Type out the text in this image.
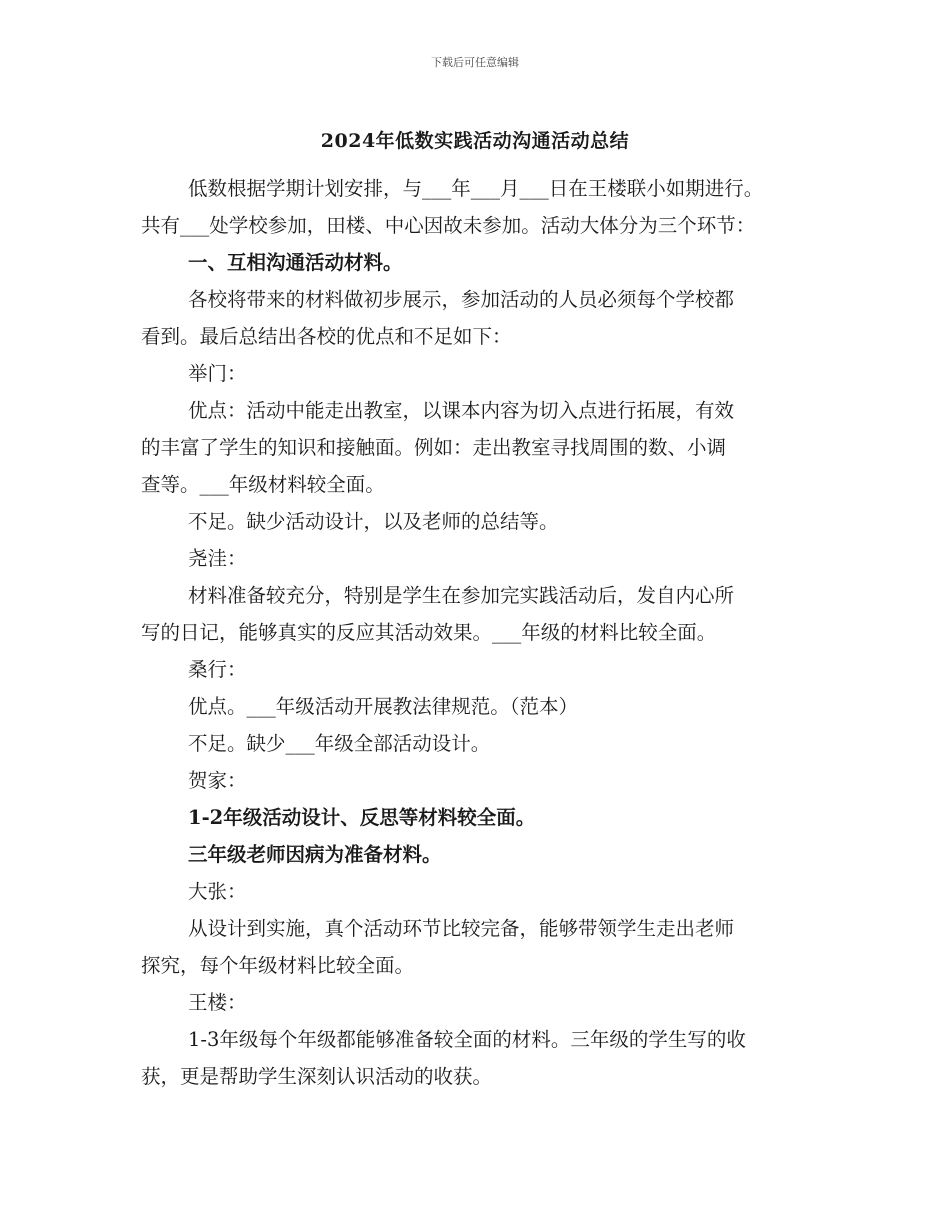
下载后可任意编辑
2024年低数实践活动沟通活动总结

低数根据学期计划安排，与___年___月___日在王楼联小如期进行。
共有___处学校参加，田楼、中心因故未参加。活动大体分为三个环节：

一、互相沟通活动材料。

各校将带来的材料做初步展示，参加活动的人员必须每个学校都
看到。最后总结出各校的优点和不足如下：

举门：

优点：活动中能走出教室，以课本内容为切入点进行拓展，有效
的丰富了学生的知识和接触面。例如：走出教室寻找周围的数、小调
查等。___年级材料较全面。

不足。缺少活动设计，以及老师的总结等。

尧洼：

材料准备较充分，特别是学生在参加完实践活动后，发自内心所
写的日记，能够真实的反应其活动效果。___年级的材料比较全面。

桑行：

优点。___年级活动开展教法律规范。（范本）

不足。缺少___年级全部活动设计。

贺家：

1-2年级活动设计、反思等材料较全面。

三年级老师因病为准备材料。

大张：

从设计到实施，真个活动环节比较完备，能够带领学生走出老师
探究，每个年级材料比较全面。

王楼：

1-3年级每个年级都能够准备较全面的材料。三年级的学生写的收
获，更是帮助学生深刻认识活动的收获。
